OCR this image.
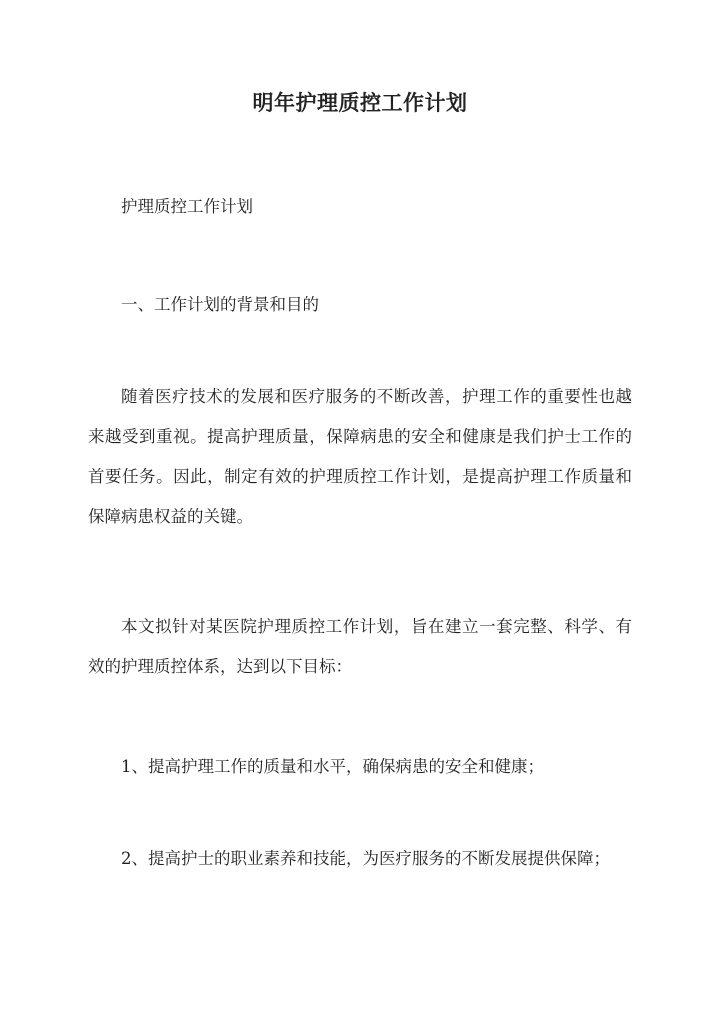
明年护理质控工作计划

护理质控工作计划

一、工作计划的背景和目的

随着医疗技术的发展和医疗服务的不断改善，护理工作的重要性也越来越受到重视。提高护理质量，保障病患的安全和健康是我们护士工作的首要任务。因此，制定有效的护理质控工作计划，是提高护理工作质量和保障病患权益的关键。

本文拟针对某医院护理质控工作计划，旨在建立一套完整、科学、有效的护理质控体系，达到以下目标：

1、提高护理工作的质量和水平，确保病患的安全和健康；

2、提高护士的职业素养和技能，为医疗服务的不断发展提供保障；
